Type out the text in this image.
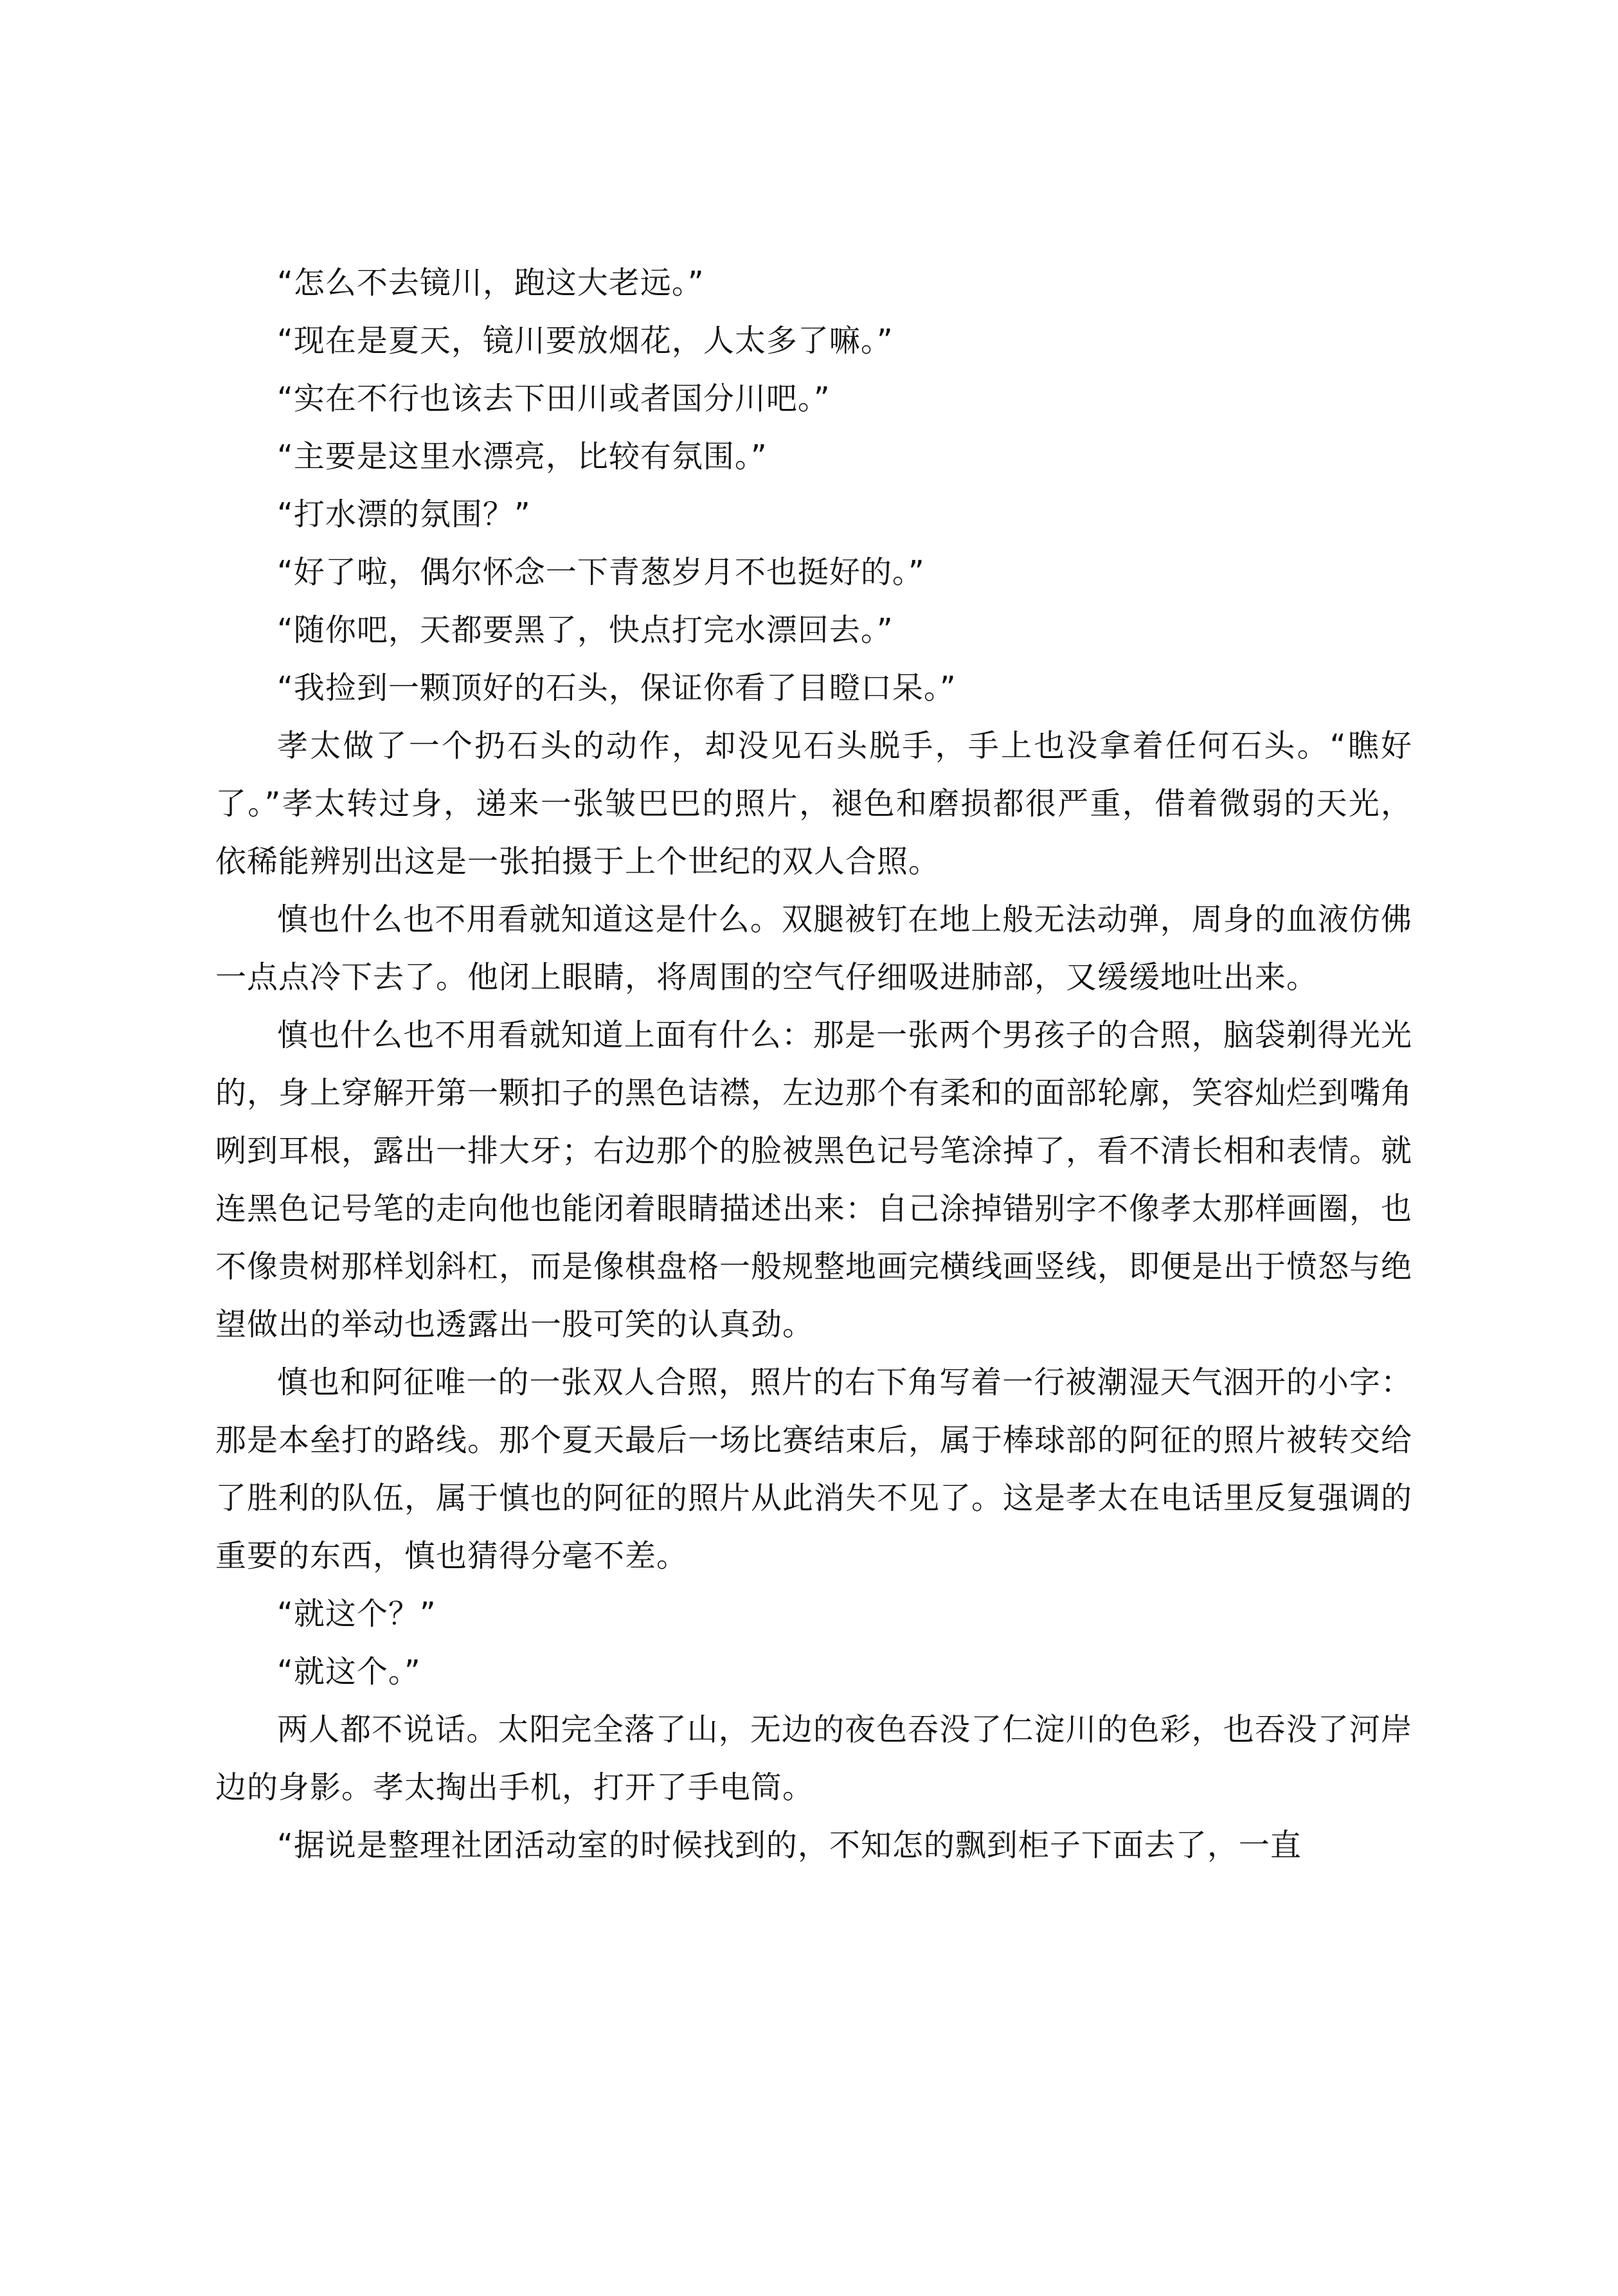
“怎么不去镜川，跑这大老远。”

“现在是夏天，镜川要放烟花，人太多了嘛。”

“实在不行也该去下田川或者国分川吧。”

“主要是这里水漂亮，比较有氛围。”

“打水漂的氛围？”

“好了啦，偶尔怀念一下青葱岁月不也挺好的。”

“随你吧，天都要黑了，快点打完水漂回去。”

“我捡到一颗顶好的石头，保证你看了目瞪口呆。”

孝太做了一个扔石头的动作，却没见石头脱手，手上也没拿着任何石头。“瞧好了。”孝太转过身，递来一张皱巴巴的照片，褪色和磨损都很严重，借着微弱的天光，依稀能辨别出这是一张拍摄于上个世纪的双人合照。

慎也什么也不用看就知道这是什么。双腿被钉在地上般无法动弹，周身的血液仿佛一点点冷下去了。他闭上眼睛，将周围的空气仔细吸进肺部，又缓缓地吐出来。

慎也什么也不用看就知道上面有什么：那是一张两个男孩子的合照，脑袋剃得光光的，身上穿解开第一颗扣子的黑色诘襟，左边那个有柔和的面部轮廓，笑容灿烂到嘴角咧到耳根，露出一排大牙；右边那个的脸被黑色记号笔涂掉了，看不清长相和表情。就连黑色记号笔的走向他也能闭着眼睛描述出来：自己涂掉错别字不像孝太那样画圈，也不像贵树那样划斜杠，而是像棋盘格一般规整地画完横线画竖线，即便是出于愤怒与绝望做出的举动也透露出一股可笑的认真劲。

慎也和阿征唯一的一张双人合照，照片的右下角写着一行被潮湿天气洇开的小字：那是本垒打的路线。那个夏天最后一场比赛结束后，属于棒球部的阿征的照片被转交给了胜利的队伍，属于慎也的阿征的照片从此消失不见了。这是孝太在电话里反复强调的重要的东西，慎也猜得分毫不差。

“就这个？”

“就这个。”

两人都不说话。太阳完全落了山，无边的夜色吞没了仁淀川的色彩，也吞没了河岸边的身影。孝太掏出手机，打开了手电筒。

“据说是整理社团活动室的时候找到的，不知怎的飘到柜子下面去了，一直
